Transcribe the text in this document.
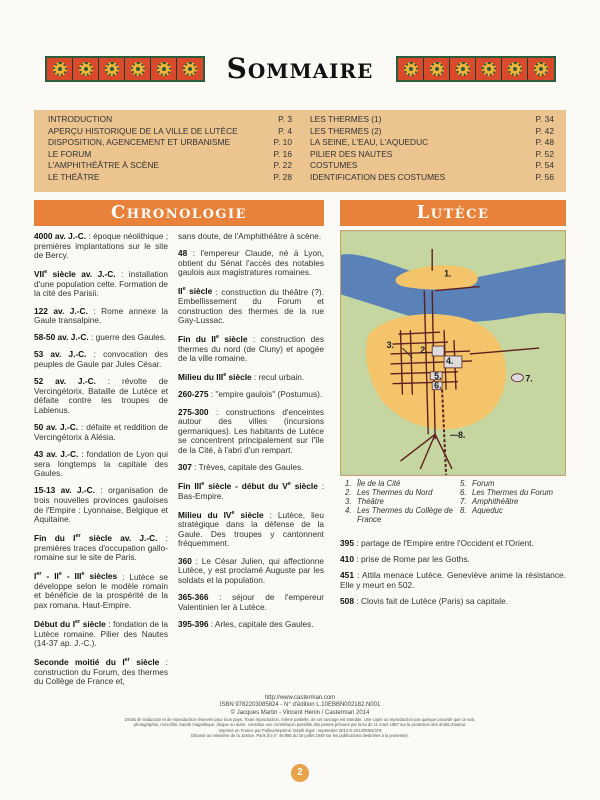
Sommaire
INTRODUCTION	P. 3
APERÇU HISTORIQUE DE LA VILLE DE LUTÈCE	P. 4
DISPOSITION, AGENCEMENT ET URBANISME	P. 10
LE FORUM	P. 16
L'AMPHITHÉÂTRE À SCÈNE	P. 22
LE THÉÂTRE	P. 28
LES THERMES (1)	P. 34
LES THERMES (2)	P. 42
LA SEINE, L'EAU, L'AQUEDUC	P. 48
PILIER DES NAUTES	P. 52
COSTUMES	P. 54
IDENTIFICATION DES COSTUMES	P. 56
Chronologie	Lutèce
4000 av. J.-C. : époque néolithique ; premières implantations sur le site de Bercy.
VIIe siècle av. J.-C. : installation d'une population celte. Formation de la cité des Parisii.
122 av. J.-C. : Rome annexe la Gaule transalpine.
58-50 av. J.-C. : guerre des Gaules.
53 av. J.-C. : convocation des peuples de Gaule par Jules César.
52 av. J.-C. : révolte de Vercingétorix. Bataille de Lutèce et défaite contre les troupes de Labienus.
50 av. J.-C. : défaite et reddition de Vercingétorix à Alésia.
43 av. J.-C. : fondation de Lyon qui sera longtemps la capitale des Gaules.
15-13 av. J.-C. : organisation de trois nouvelles provinces gauloises de l'Empire : Lyonnaise, Belgique et Aquitaine.
Fin du Ier siècle av. J.-C. : premières traces d'occupation gallo-romaine sur le site de Paris.
Ier - IIe - IIIe siècles : Lutèce se développe selon le modèle romain et bénéficie de la prospérité de la pax romana. Haut-Empire.
Début du Ier siècle : fondation de la Lutèce romaine. Pilier des Nautes (14-37 ap. J.-C.).
Seconde moitié du Ier siècle : construction du Forum, des thermes du Collège de France et,
sans doute, de l'Amphithéâtre à scène.
48 : l'empereur Claude, né à Lyon, obtient du Sénat l'accès des notables gaulois aux magistratures romaines.
IIe siècle : construction du théâtre (?). Embellissement du Forum et construction des thermes de la rue Gay-Lussac.
Fin du IIe siècle : construction des thermes du nord (de Cluny) et apogée de la ville romaine.
Milieu du IIIe siècle : recul urbain.
260-275 : "empire gaulois" (Postumus).
275-300 : constructions d'enceintes autour des villes (incursions germaniques). Les habitants de Lutèce se concentrent principalement sur l'île de la Cité, à l'abri d'un rempart.
307 : Trèves, capitale des Gaules.
Fin IIIe siècle - début du Ve siècle : Bas-Empire.
Milieu du IVe siècle : Lutèce, lieu stratégique dans la défense de la Gaule. Des troupes y cantonnent fréquemment.
360 : Le César Julien, qui affectionne Lutèce, y est proclamé Auguste par les soldats et la population.
365-366 : séjour de l'empereur Valentinien Ier à Lutèce.
395-396 : Arles, capitale des Gaules.
1.
2.
3.
4.
5.
6.
7.
8.
1. Île de la Cité
2. Les Thermes du Nord
3. Théâtre
4. Les Thermes du Collège de France
5. Forum
6. Les Thermes du Forum
7. Amphithéâtre
8. Aqueduc
395 : partage de l'Empire entre l'Occident et l'Orient.
410 : prise de Rome par les Goths.
451 : Attila menace Lutèce. Geneviève anime la résistance. Elle y meurt en 502.
508 : Clovis fait de Lutèce (Paris) sa capitale.
http://www.casterman.com
ISBN 9782203085824 - N° d'édition L.10EBBN002182.N001
© Jacques Martin - Vincent Henin / Casterman 2014
Droits de traduction et de reproduction réservés pour tous pays. Toute reproduction, même partielle, de cet ouvrage est interdite. Une copie ou reproduction par quelque procédé que ce soit,
photographie, microfilm, bande magnétique, disque ou autre, constitue une contrefaçon passible des peines prévues par la loi du 11 mars 1957 sur la protection des droits d'auteur.
Imprimé en France par Pollina/Imprimé. Dépôt légal : septembre 2014 D.2014/0053/378
Déposé au ministère de la Justice, Paris (loi n° 49.956 du 16 juillet 1949 sur les publications destinées à la jeunesse).
2
